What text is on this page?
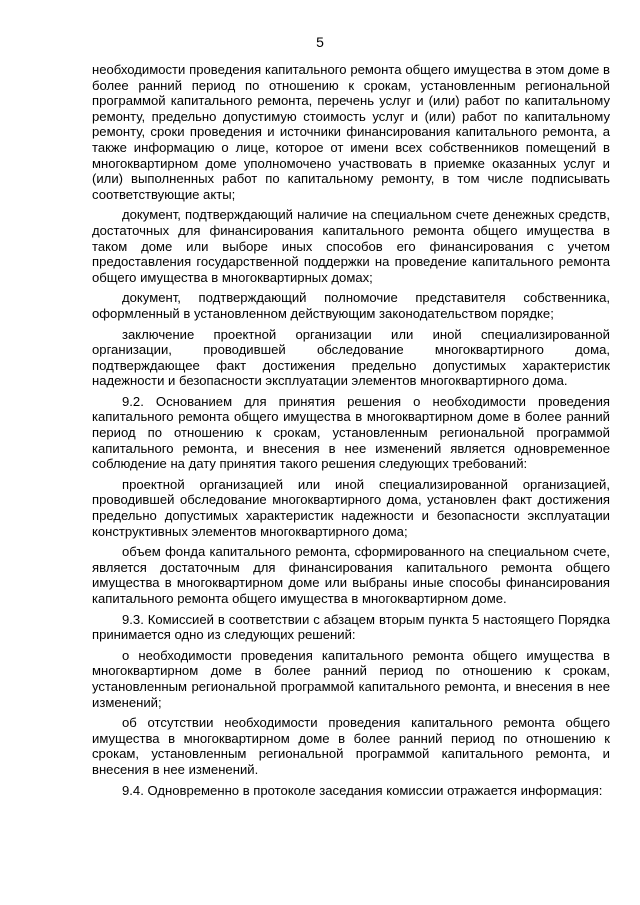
5

необходимости проведения капитального ремонта общего имущества в этом доме в более ранний период по отношению к срокам, установленным региональной программой капитального ремонта, перечень услуг и (или) работ по капитальному ремонту, предельно допустимую стоимость услуг и (или) работ по капитальному ремонту, сроки проведения и источники финансирования капитального ремонта, а также информацию о лице, которое от имени всех собственников помещений в многоквартирном доме уполномочено участвовать в приемке оказанных услуг и (или) выполненных работ по капитальному ремонту, в том числе подписывать соответствующие акты;

документ, подтверждающий наличие на специальном счете денежных средств, достаточных для финансирования капитального ремонта общего имущества в таком доме или выборе иных способов его финансирования с учетом предоставления государственной поддержки на проведение капитального ремонта общего имущества в многоквартирных домах;

документ, подтверждающий полномочие представителя собственника, оформленный в установленном действующим законодательством порядке;

заключение проектной организации или иной специализированной организации, проводившей обследование многоквартирного дома, подтверждающее факт достижения предельно допустимых характеристик надежности и безопасности эксплуатации элементов многоквартирного дома.

9.2. Основанием для принятия решения о необходимости проведения капитального ремонта общего имущества в многоквартирном доме в более ранний период по отношению к срокам, установленным региональной программой капитального ремонта, и внесения в нее изменений является одновременное соблюдение на дату принятия такого решения следующих требований:

проектной организацией или иной специализированной организацией, проводившей обследование многоквартирного дома, установлен факт достижения предельно допустимых характеристик надежности и безопасности эксплуатации конструктивных элементов многоквартирного дома;

объем фонда капитального ремонта, сформированного на специальном счете, является достаточным для финансирования капитального ремонта общего имущества в многоквартирном доме или выбраны иные способы финансирования капитального ремонта общего имущества в многоквартирном доме.

9.3. Комиссией в соответствии с абзацем вторым пункта 5 настоящего Порядка принимается одно из следующих решений:

о необходимости проведения капитального ремонта общего имущества в многоквартирном доме в более ранний период по отношению к срокам, установленным региональной программой капитального ремонта, и внесения в нее изменений;

об отсутствии необходимости проведения капитального ремонта общего имущества в многоквартирном доме в более ранний период по отношению к срокам, установленным региональной программой капитального ремонта, и внесения в нее изменений.

9.4. Одновременно в протоколе заседания комиссии отражается информация:
